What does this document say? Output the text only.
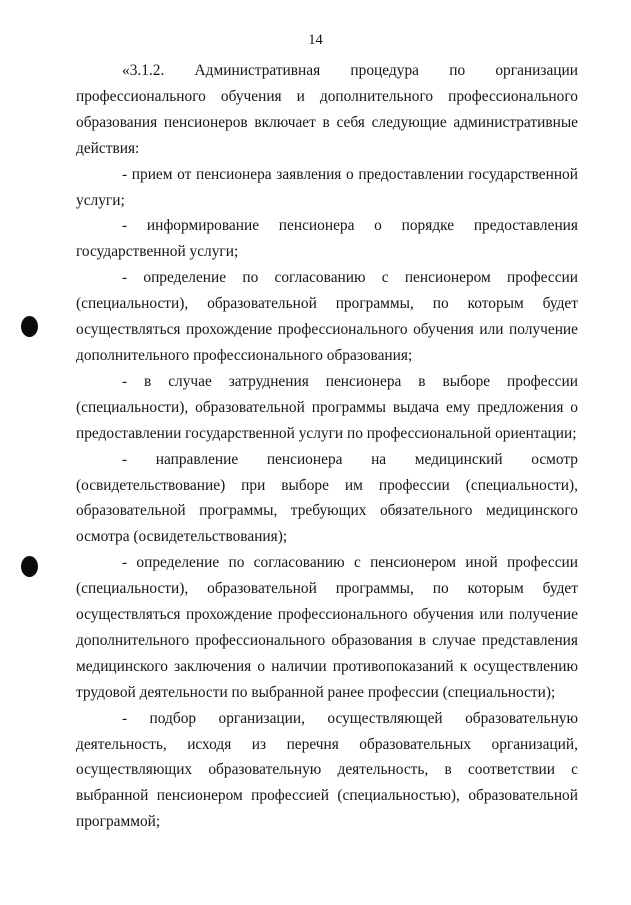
14

«3.1.2. Административная процедура по организации профессионального обучения и дополнительного профессионального образования пенсионеров включает в себя следующие административные действия:

- прием от пенсионера заявления о предоставлении государственной услуги;

- информирование пенсионера о порядке предоставления государственной услуги;

- определение по согласованию с пенсионером профессии (специальности), образовательной программы, по которым будет осуществляться прохождение профессионального обучения или получение дополнительного профессионального образования;

- в случае затруднения пенсионера в выборе профессии (специальности), образовательной программы выдача ему предложения о предоставлении государственной услуги по профессиональной ориентации;

- направление пенсионера на медицинский осмотр (освидетельствование) при выборе им профессии (специальности), образовательной программы, требующих обязательного медицинского осмотра (освидетельствования);

- определение по согласованию с пенсионером иной профессии (специальности), образовательной программы, по которым будет осуществляться прохождение профессионального обучения или получение дополнительного профессионального образования в случае представления медицинского заключения о наличии противопоказаний к осуществлению трудовой деятельности по выбранной ранее профессии (специальности);

- подбор организации, осуществляющей образовательную деятельность, исходя из перечня образовательных организаций, осуществляющих образовательную деятельность, в соответствии с выбранной пенсионером профессией (специальностью), образовательной программой;
